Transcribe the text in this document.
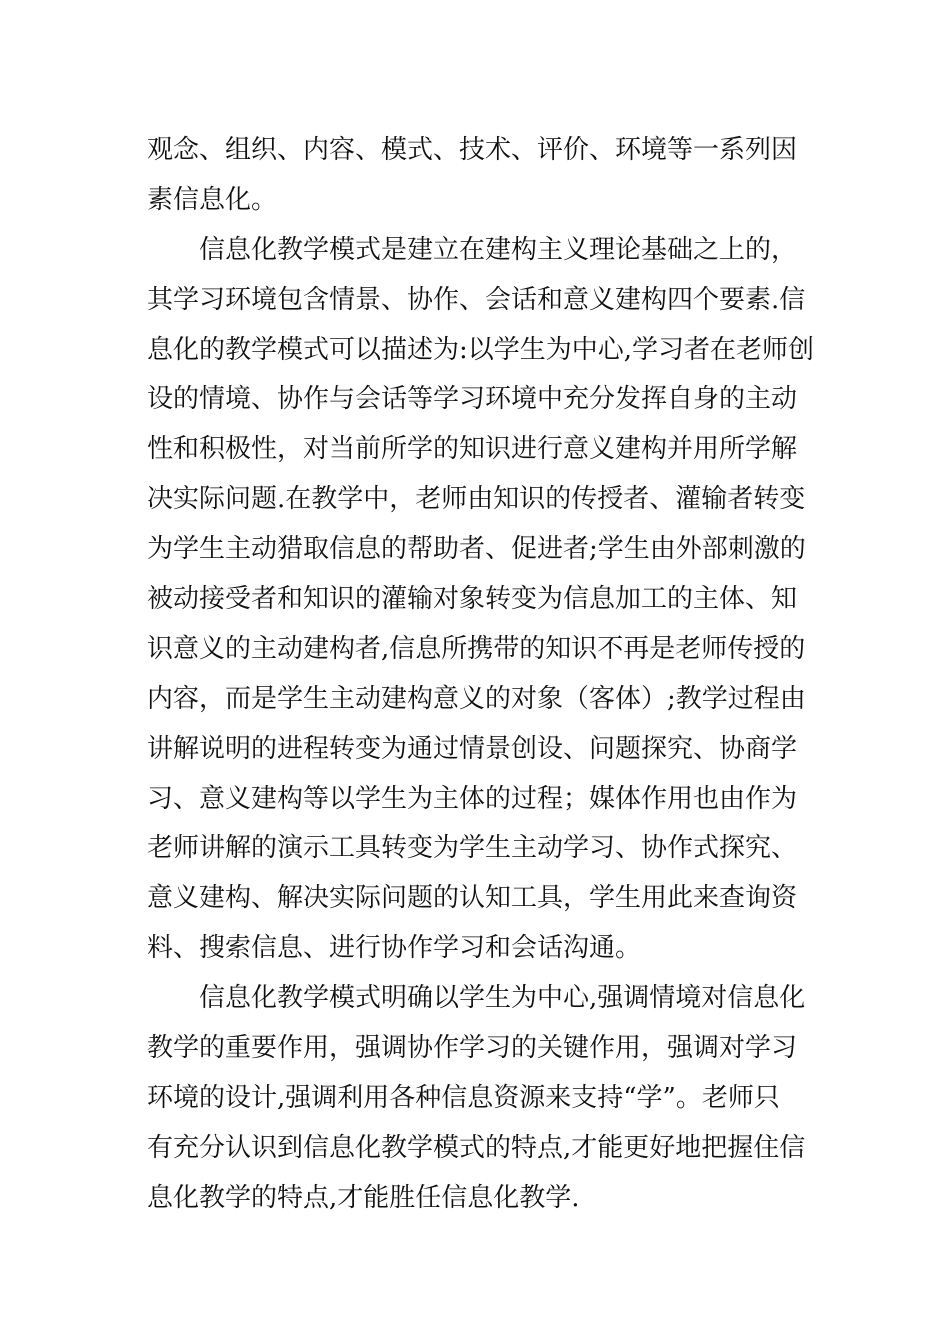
观念、组织、内容、模式、技术、评价、环境等一系列因
素信息化。
信息化教学模式是建立在建构主义理论基础之上的，
其学习环境包含情景、协作、会话和意义建构四个要素.信
息化的教学模式可以描述为:以学生为中心,学习者在老师创
设的情境、协作与会话等学习环境中充分发挥自身的主动
性和积极性，对当前所学的知识进行意义建构并用所学解
决实际问题.在教学中，老师由知识的传授者、灌输者转变
为学生主动猎取信息的帮助者、促进者;学生由外部刺激的
被动接受者和知识的灌输对象转变为信息加工的主体、知
识意义的主动建构者,信息所携带的知识不再是老师传授的
内容，而是学生主动建构意义的对象（客体）;教学过程由
讲解说明的进程转变为通过情景创设、问题探究、协商学
习、意义建构等以学生为主体的过程；媒体作用也由作为
老师讲解的演示工具转变为学生主动学习、协作式探究、
意义建构、解决实际问题的认知工具，学生用此来查询资
料、搜索信息、进行协作学习和会话沟通。
信息化教学模式明确以学生为中心,强调情境对信息化
教学的重要作用，强调协作学习的关键作用，强调对学习
环境的设计,强调利用各种信息资源来支持“学”。老师只
有充分认识到信息化教学模式的特点,才能更好地把握住信
息化教学的特点,才能胜任信息化教学.
